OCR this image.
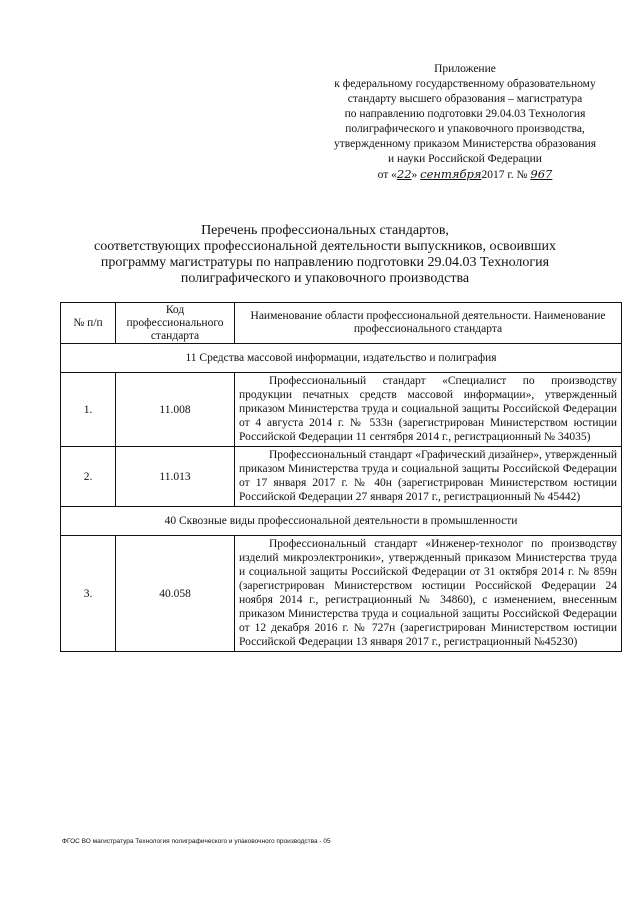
Приложение
к федеральному государственному образовательному
стандарту высшего образования – магистратура
по направлению подготовки 29.04.03 Технология
полиграфического и упаковочного производства,
утвержденному приказом Министерства образования
и науки Российской Федерации
от «22» сентября2017 г. № 967
Перечень профессиональных стандартов,
соответствующих профессиональной деятельности выпускников, освоивших
программу магистратуры по направлению подготовки 29.04.03 Технология
полиграфического и упаковочного производства
№ п/п	Код профессионального стандарта	Наименование области профессиональной деятельности. Наименование профессионального стандарта
11 Средства массовой информации, издательство и полиграфия		
1.	11.008	Профессиональный стандарт «Специалист по производству продукции печатных средств массовой информации», утвержденный приказом Министерства труда и социальной защиты Российской Федерации от 4 августа 2014 г. № 533н (зарегистрирован Министерством юстиции Российской Федерации 11 сентября 2014 г., регистрационный № 34035)

2.	11.013	Профессиональный стандарт «Графический дизайнер», утвержденный приказом Министерства труда и социальной защиты Российской Федерации от 17 января 2017 г. № 40н (зарегистрирован Министерством юстиции Российской Федерации 27 января 2017 г., регистрационный № 45442)

40 Сквозные виды профессиональной деятельности в промышленности		
3.	40.058	Профессиональный стандарт «Инженер-технолог по производству изделий микроэлектроники», утвержденный приказом Министерства труда и социальной защиты Российской Федерации от 31 октября 2014 г. № 859н (зарегистрирован Министерством юстиции Российской Федерации 24 ноября 2014 г., регистрационный № 34860), с изменением, внесенным приказом Министерства труда и социальной защиты Российской Федерации от 12 декабря 2016 г. № 727н (зарегистрирован Министерством юстиции Российской Федерации 13 января 2017 г., регистрационный №45230)
ФГОС ВО магистратура Технология полиграфического и упаковочного производства - 05
